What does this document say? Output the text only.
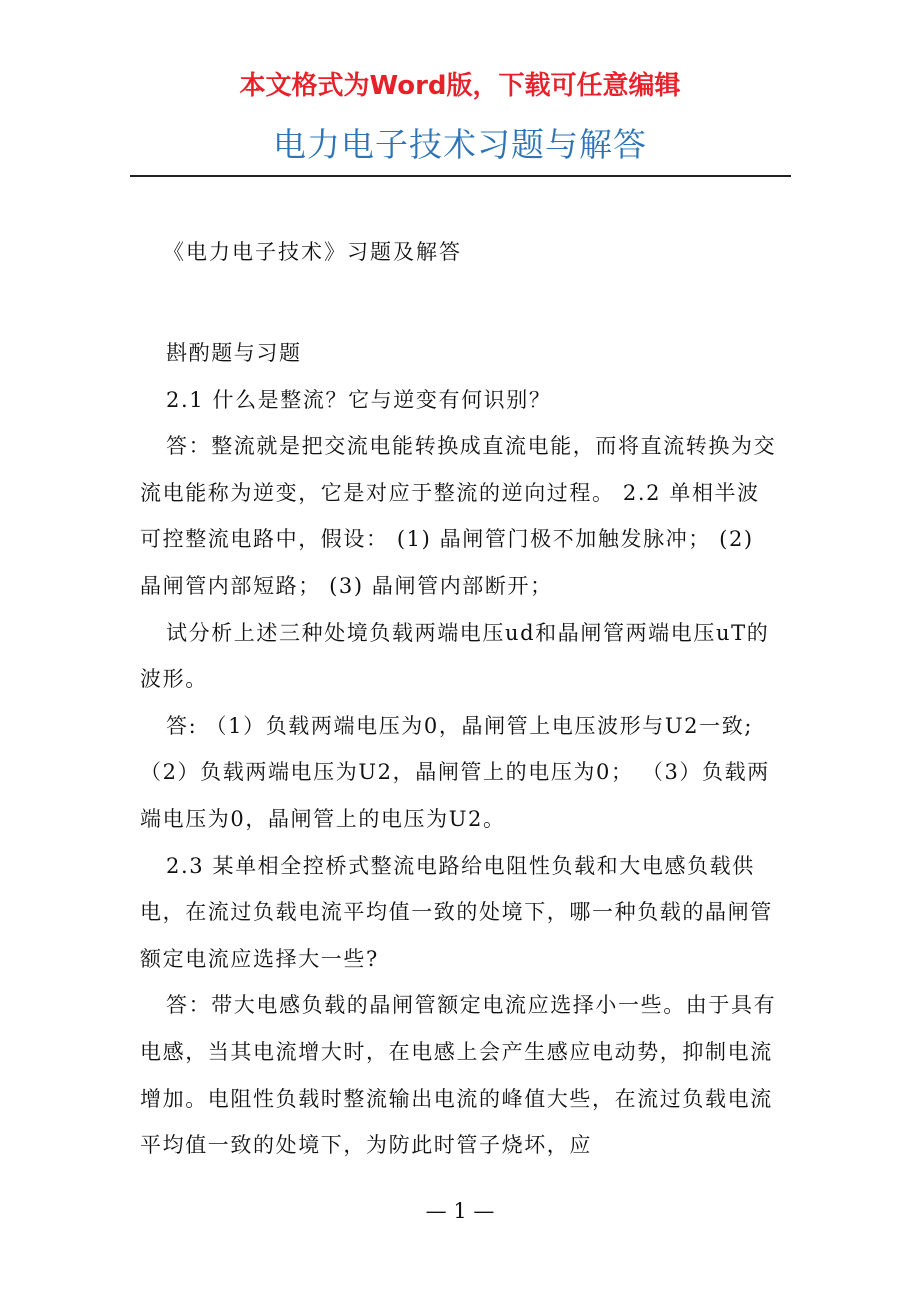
本文格式为Word版，下载可任意编辑
电力电子技术习题与解答
《电力电子技术》习题及解答

斟酌题与习题

2.1 什么是整流？它与逆变有何识别？

答：整流就是把交流电能转换成直流电能，而将直流转换为交流电能称为逆变，它是对应于整流的逆向过程。 2.2 单相半波可控整流电路中，假设： (1) 晶闸管门极不加触发脉冲； (2) 晶闸管内部短路； (3) 晶闸管内部断开；

试分析上述三种处境负载两端电压ud和晶闸管两端电压uT的波形。

答: （1）负载两端电压为0，晶闸管上电压波形与U2一致; （2）负载两端电压为U2，晶闸管上的电压为0； （3）负载两端电压为0，晶闸管上的电压为U2。

2.3 某单相全控桥式整流电路给电阻性负载和大电感负载供电，在流过负载电流平均值一致的处境下，哪一种负载的晶闸管额定电流应选择大一些?

答：带大电感负载的晶闸管额定电流应选择小一些。由于具有电感，当其电流增大时，在电感上会产生感应电动势，抑制电流增加。电阻性负载时整流输出电流的峰值大些，在流过负载电流平均值一致的处境下，为防此时管子烧坏，应

— 1 —
